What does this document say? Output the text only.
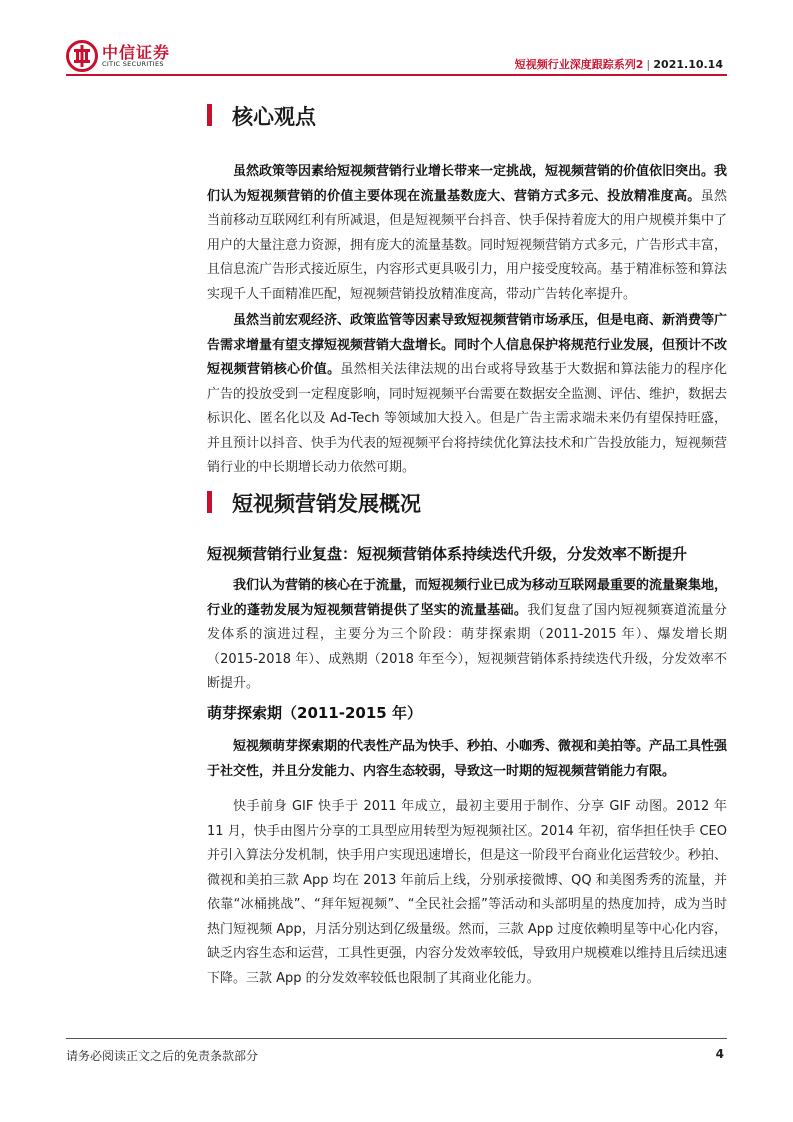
中信证券
CITIC SECURITIES	短视频行业深度跟踪系列2 | 2021.10.14
核心观点
虽然政策等因素给短视频营销行业增长带来一定挑战，短视频营销的价值依旧突出。我们认为短视频营销的价值主要体现在流量基数庞大、营销方式多元、投放精准度高。虽然当前移动互联网红利有所减退，但是短视频平台抖音、快手保持着庞大的用户规模并集中了用户的大量注意力资源，拥有庞大的流量基数。同时短视频营销方式多元，广告形式丰富，且信息流广告形式接近原生，内容形式更具吸引力，用户接受度较高。基于精准标签和算法实现千人千面精准匹配，短视频营销投放精准度高，带动广告转化率提升。
虽然当前宏观经济、政策监管等因素导致短视频营销市场承压，但是电商、新消费等广告需求增量有望支撑短视频营销大盘增长。同时个人信息保护将规范行业发展，但预计不改短视频营销核心价值。虽然相关法律法规的出台或将导致基于大数据和算法能力的程序化广告的投放受到一定程度影响，同时短视频平台需要在数据安全监测、评估、维护，数据去标识化、匿名化以及 Ad-Tech 等领域加大投入。但是广告主需求端未来仍有望保持旺盛，并且预计以抖音、快手为代表的短视频平台将持续优化算法技术和广告投放能力，短视频营销行业的中长期增长动力依然可期。
短视频营销发展概况
短视频营销行业复盘：短视频营销体系持续迭代升级，分发效率不断提升
我们认为营销的核心在于流量，而短视频行业已成为移动互联网最重要的流量聚集地，行业的蓬勃发展为短视频营销提供了坚实的流量基础。我们复盘了国内短视频赛道流量分发体系的演进过程，主要分为三个阶段：萌芽探索期（2011-2015 年）、爆发增长期（2015-2018 年）、成熟期（2018 年至今），短视频营销体系持续迭代升级，分发效率不断提升。
萌芽探索期（2011-2015 年）
短视频萌芽探索期的代表性产品为快手、秒拍、小咖秀、微视和美拍等。产品工具性强于社交性，并且分发能力、内容生态较弱，导致这一时期的短视频营销能力有限。
快手前身 GIF 快手于 2011 年成立，最初主要用于制作、分享 GIF 动图。2012 年 11 月，快手由图片分享的工具型应用转型为短视频社区。2014 年初，宿华担任快手 CEO 并引入算法分发机制，快手用户实现迅速增长，但是这一阶段平台商业化运营较少。秒拍、微视和美拍三款 App 均在 2013 年前后上线，分别承接微博、QQ 和美图秀秀的流量，并依靠“冰桶挑战”、“拜年短视频”、“全民社会摇”等活动和头部明星的热度加持，成为当时热门短视频 App，月活分别达到亿级量级。然而，三款 App 过度依赖明星等中心化内容，缺乏内容生态和运营，工具性更强，内容分发效率较低，导致用户规模难以维持且后续迅速下降。三款 App 的分发效率较低也限制了其商业化能力。
请务必阅读正文之后的免责条款部分	4
